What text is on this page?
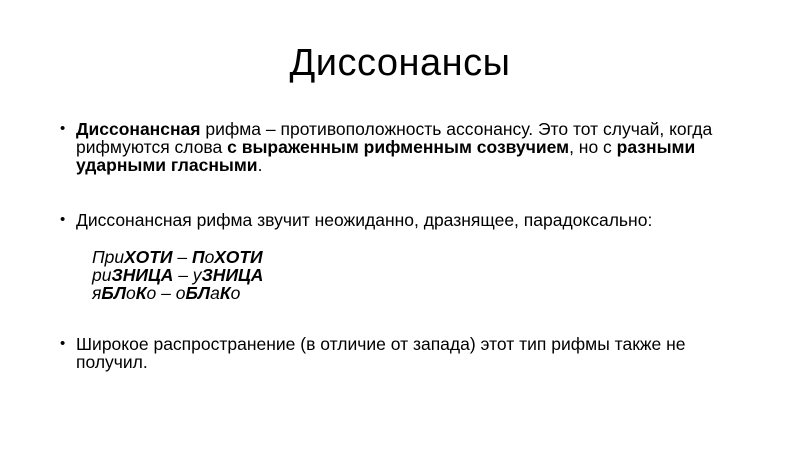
Диссонансы
• Диссонансная рифма – противоположность ассонансу. Это тот случай, когда рифмуются слова с выраженным рифменным созвучием, но с разными ударными гласными.
• Диссонансная рифма звучит неожиданно, дразнящее, парадоксально:
ПриХОТИ – ПоХОТИ
риЗНИЦА – уЗНИЦА
яБЛоКо – оБЛаКо
• Широкое распространение (в отличие от запада) этот тип рифмы также не получил.
